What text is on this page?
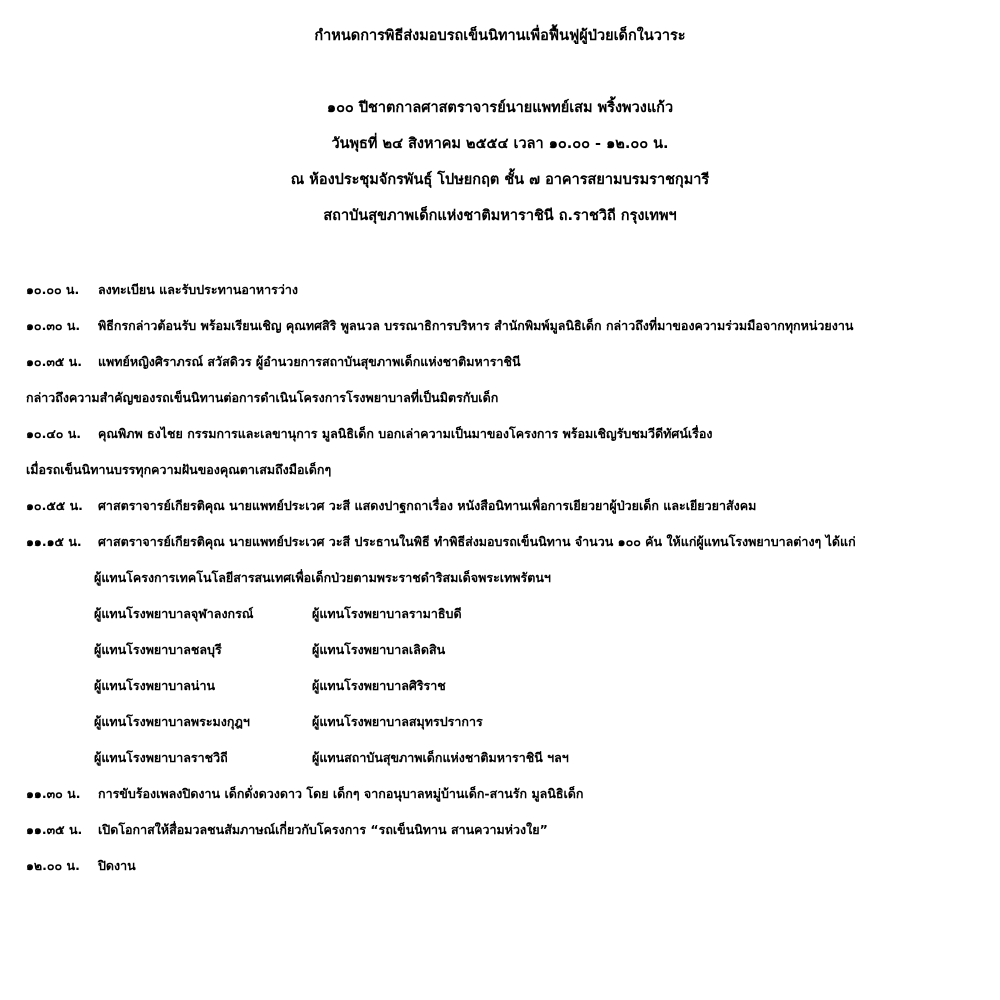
กำหนดการพิธีส่งมอบรถเข็นนิทานเพื่อฟื้นฟูผู้ป่วยเด็กในวาระ
๑๐๐ ปีชาตกาลศาสตราจารย์นายแพทย์เสม พริ้งพวงแก้ว
วันพุธที่ ๒๔ สิงหาคม ๒๕๕๔ เวลา ๑๐.๐๐ - ๑๒.๐๐ น.
ณ ห้องประชุมจักรพันธุ์ โปษยกฤต ชั้น ๗ อาคารสยามบรมราชกุมารี
สถาบันสุขภาพเด็กแห่งชาติมหาราชินี ถ.ราชวิถี กรุงเทพฯ
๑๐.๐๐ น. ลงทะเบียน และรับประทานอาหารว่าง
๑๐.๓๐ น. พิธีกรกล่าวต้อนรับ พร้อมเรียนเชิญ คุณทศสิริ พูลนวล บรรณาธิการบริหาร สำนักพิมพ์มูลนิธิเด็ก กล่าวถึงที่มาของความร่วมมือจากทุกหน่วยงาน
๑๐.๓๕ น. แพทย์หญิงศิราภรณ์ สวัสดิวร ผู้อำนวยการสถาบันสุขภาพเด็กแห่งชาติมหาราชินี
กล่าวถึงความสำคัญของรถเข็นนิทานต่อการดำเนินโครงการโรงพยาบาลที่เป็นมิตรกับเด็ก
๑๐.๔๐ น. คุณพิภพ ธงไชย กรรมการและเลขานุการ มูลนิธิเด็ก บอกเล่าความเป็นมาของโครงการ พร้อมเชิญรับชมวีดีทัศน์เรื่อง
เมื่อรถเข็นนิทานบรรทุกความฝันของคุณตาเสมถึงมือเด็กๆ
๑๐.๕๕ น. ศาสตราจารย์เกียรติคุณ นายแพทย์ประเวศ วะสี แสดงปาฐกถาเรื่อง หนังสือนิทานเพื่อการเยียวยาผู้ป่วยเด็ก และเยียวยาสังคม
๑๑.๑๕ น. ศาสตราจารย์เกียรติคุณ นายแพทย์ประเวศ วะสี ประธานในพิธี ทำพิธีส่งมอบรถเข็นนิทาน จำนวน ๑๐๐ คัน ให้แก่ผู้แทนโรงพยาบาลต่างๆ ได้แก่
ผู้แทนโครงการเทคโนโลยีสารสนเทศเพื่อเด็กป่วยตามพระราชดำริสมเด็จพระเทพรัตนฯ
ผู้แทนโรงพยาบาลจุฬาลงกรณ์	ผู้แทนโรงพยาบาลรามาธิบดี
ผู้แทนโรงพยาบาลชลบุรี	ผู้แทนโรงพยาบาลเลิดสิน
ผู้แทนโรงพยาบาลน่าน	ผู้แทนโรงพยาบาลศิริราช
ผู้แทนโรงพยาบาลพระมงกุฎฯ	ผู้แทนโรงพยาบาลสมุทรปราการ
ผู้แทนโรงพยาบาลราชวิถี	ผู้แทนสถาบันสุขภาพเด็กแห่งชาติมหาราชินี ฯลฯ
๑๑.๓๐ น. การขับร้องเพลงปิดงาน เด็กดั่งดวงดาว โดย เด็กๆ จากอนุบาลหมู่บ้านเด็ก-สานรัก มูลนิธิเด็ก
๑๑.๓๕ น. เปิดโอกาสให้สื่อมวลชนสัมภาษณ์เกี่ยวกับโครงการ “รถเข็นนิทาน สานความห่วงใย”
๑๒.๐๐ น. ปิดงาน
